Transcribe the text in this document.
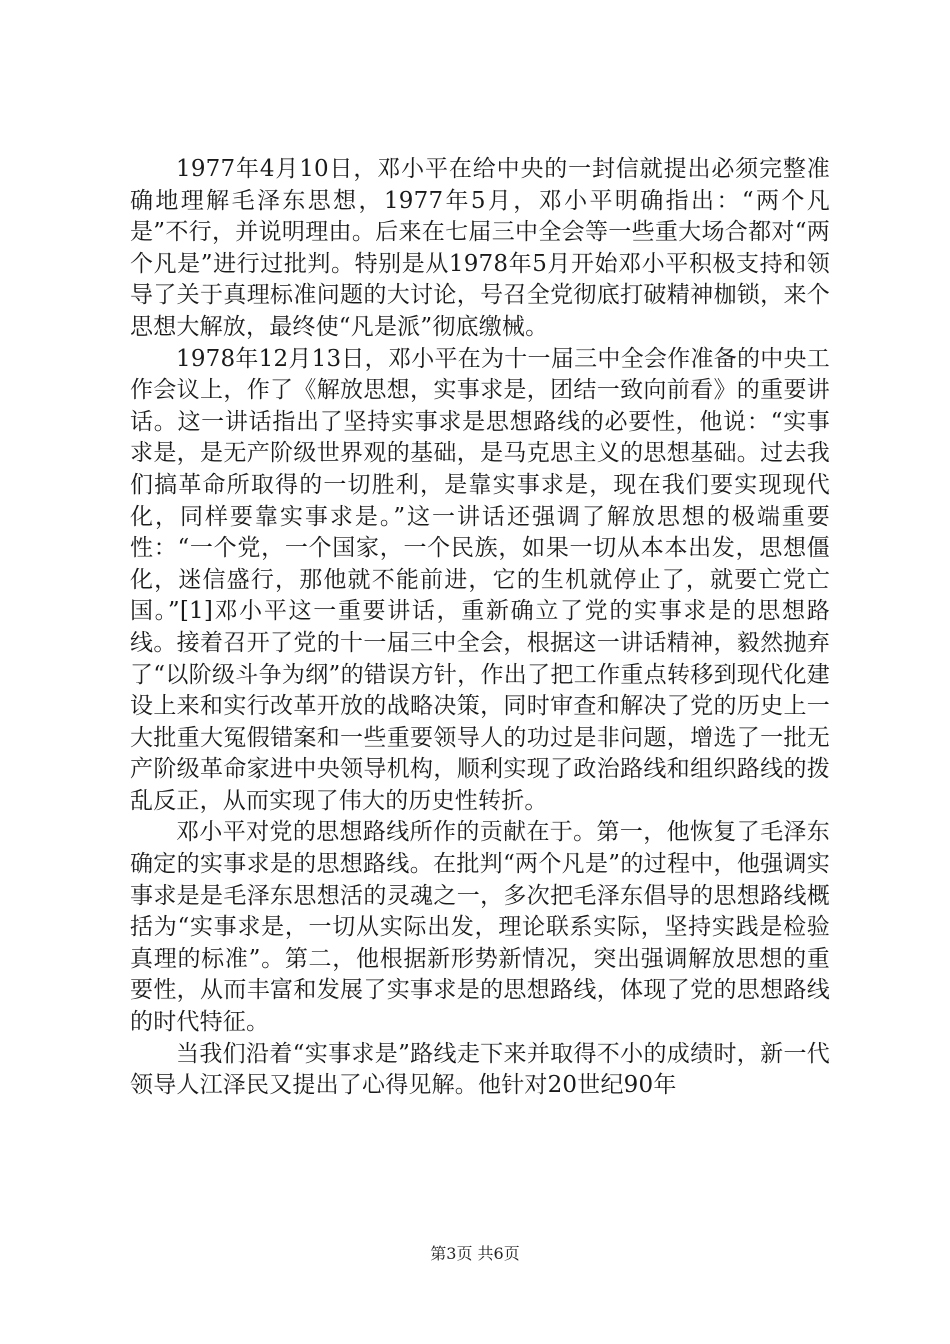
1977年4月10日，邓小平在给中央的一封信就提出必须完整准确地理解毛泽东思想，1977年5月，邓小平明确指出：“两个凡是”不行，并说明理由。后来在七届三中全会等一些重大场合都对“两个凡是”进行过批判。特别是从1978年5月开始邓小平积极支持和领导了关于真理标准问题的大讨论，号召全党彻底打破精神枷锁，来个思想大解放，最终使“凡是派”彻底缴械。

1978年12月13日，邓小平在为十一届三中全会作准备的中央工作会议上，作了《解放思想，实事求是，团结一致向前看》的重要讲话。这一讲话指出了坚持实事求是思想路线的必要性，他说：“实事求是，是无产阶级世界观的基础，是马克思主义的思想基础。过去我们搞革命所取得的一切胜利，是靠实事求是，现在我们要实现现代化，同样要靠实事求是。”这一讲话还强调了解放思想的极端重要性：“一个党，一个国家，一个民族，如果一切从本本出发，思想僵化，迷信盛行，那他就不能前进，它的生机就停止了，就要亡党亡国。”[1]邓小平这一重要讲话，重新确立了党的实事求是的思想路线。接着召开了党的十一届三中全会，根据这一讲话精神，毅然抛弃了“以阶级斗争为纲”的错误方针，作出了把工作重点转移到现代化建设上来和实行改革开放的战略决策，同时审查和解决了党的历史上一大批重大冤假错案和一些重要领导人的功过是非问题，增选了一批无产阶级革命家进中央领导机构，顺利实现了政治路线和组织路线的拨乱反正，从而实现了伟大的历史性转折。

邓小平对党的思想路线所作的贡献在于。第一，他恢复了毛泽东确定的实事求是的思想路线。在批判“两个凡是”的过程中，他强调实事求是是毛泽东思想活的灵魂之一，多次把毛泽东倡导的思想路线概括为“实事求是，一切从实际出发，理论联系实际，坚持实践是检验真理的标准”。第二，他根据新形势新情况，突出强调解放思想的重要性，从而丰富和发展了实事求是的思想路线，体现了党的思想路线的时代特征。

当我们沿着“实事求是”路线走下来并取得不小的成绩时，新一代领导人江泽民又提出了心得见解。他针对20世纪90年

第3页 共6页
